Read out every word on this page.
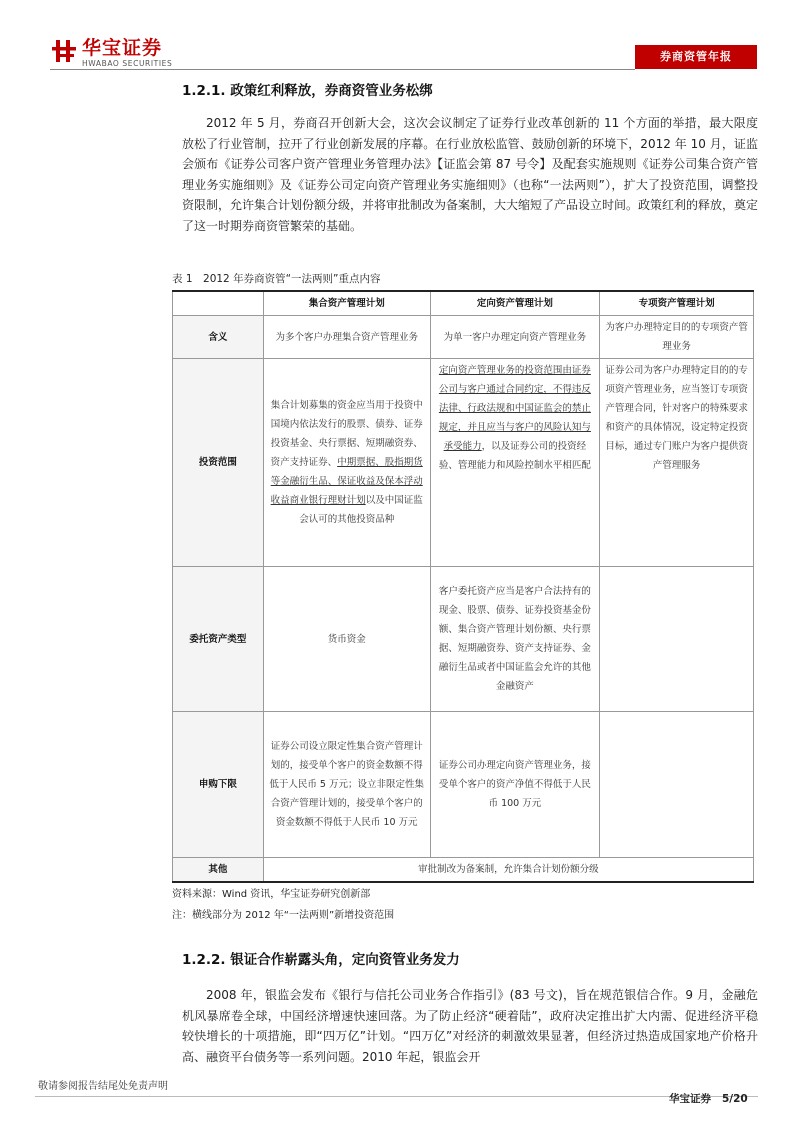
华宝证券
HWABAO SECURITIES
券商资管年报
1.2.1. 政策红利释放，券商资管业务松绑

2012 年 5 月，券商召开创新大会，这次会议制定了证券行业改革创新的 11 个方面的举措，最大限度放松了行业管制，拉开了行业创新发展的序幕。在行业放松监管、鼓励创新的环境下，2012 年 10 月，证监会颁布《证券公司客户资产管理业务管理办法》【证监会第 87 号令】及配套实施规则《证券公司集合资产管理业务实施细则》及《证券公司定向资产管理业务实施细则》（也称“一法两则”），扩大了投资范围，调整投资限制，允许集合计划份额分级，并将审批制改为备案制，大大缩短了产品设立时间。政策红利的释放，奠定了这一时期券商资管繁荣的基础。

表 1　2012 年券商资管“一法两则”重点内容
	集合资产管理计划	定向资产管理计划	专项资产管理计划
含义	为多个客户办理集合资产管理业务	为单一客户办理定向资产管理业务	为客户办理特定目的的专项资产管理业务
投资范围	集合计划募集的资金应当用于投资中国境内依法发行的股票、债券、证券投资基金、央行票据、短期融资券、资产支持证券、中期票据、股指期货等金融衍生品、保证收益及保本浮动收益商业银行理财计划以及中国证监会认可的其他投资品种	定向资产管理业务的投资范围由证券公司与客户通过合同约定，不得违反法律、行政法规和中国证监会的禁止规定，并且应当与客户的风险认知与承受能力，以及证券公司的投资经验、管理能力和风险控制水平相匹配	证券公司为客户办理特定目的的专项资产管理业务，应当签订专项资产管理合同，针对客户的特殊要求和资产的具体情况，设定特定投资目标，通过专门账户为客户提供资产管理服务
委托资产类型	货币资金	客户委托资产应当是客户合法持有的现金、股票、债券、证券投资基金份额、集合资产管理计划份额、央行票据、短期融资券、资产支持证券、金融衍生品或者中国证监会允许的其他金融资产	
申购下限	证券公司设立限定性集合资产管理计划的，接受单个客户的资金数额不得低于人民币 5 万元；设立非限定性集合资产管理计划的，接受单个客户的资金数额不得低于人民币 10 万元	证券公司办理定向资产管理业务，接受单个客户的资产净值不得低于人民币 100 万元	
其他	审批制改为备案制，允许集合计划份额分级		
资料来源：Wind 资讯，华宝证券研究创新部
注：横线部分为 2012 年“一法两则”新增投资范围
1.2.2. 银证合作崭露头角，定向资管业务发力

2008 年，银监会发布《银行与信托公司业务合作指引》(83 号文)，旨在规范银信合作。9 月，金融危机风暴席卷全球，中国经济增速快速回落。为了防止经济“硬着陆”，政府决定推出扩大内需、促进经济平稳较快增长的十项措施，即“四万亿”计划。“四万亿”对经济的刺激效果显著，但经济过热造成国家地产价格升高、融资平台债务等一系列问题。2010 年起，银监会开

敬请参阅报告结尾处免责声明
华宝证券 5/20
